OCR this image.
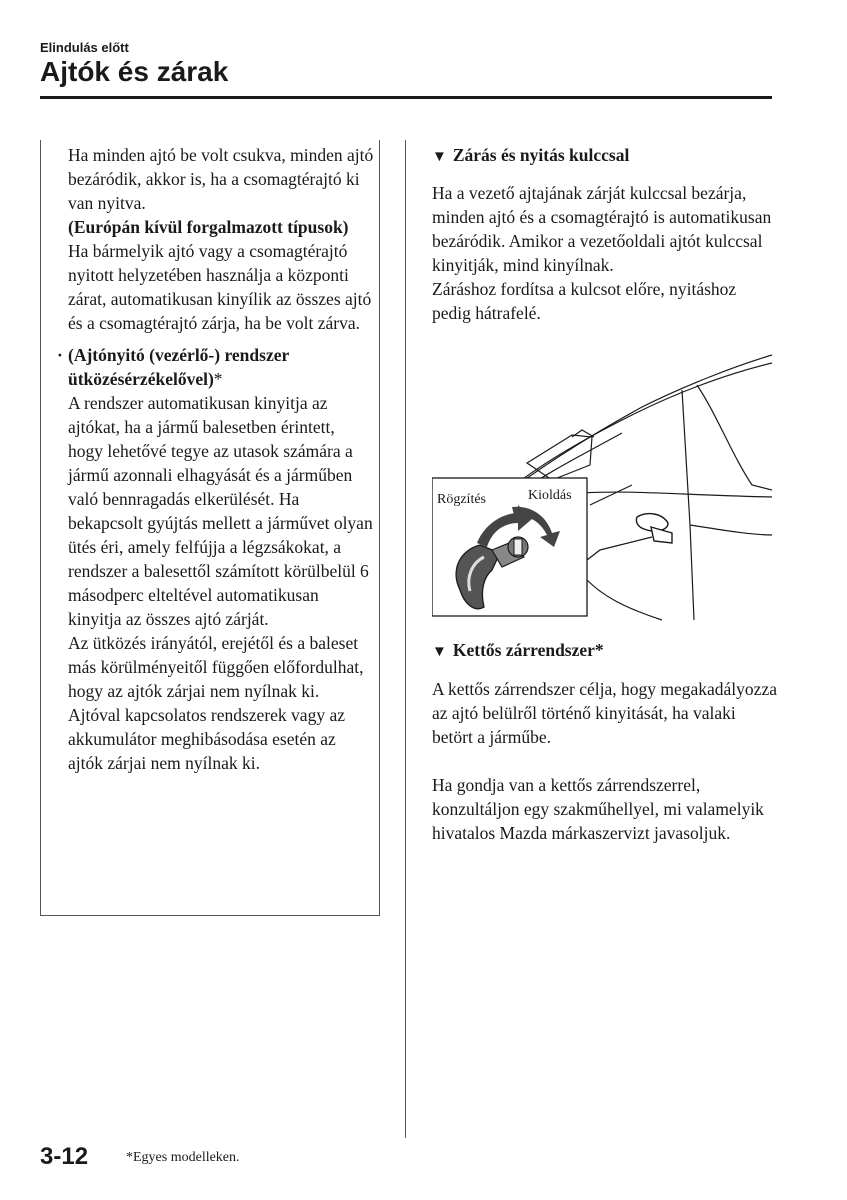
Elindulás előtt
Ajtók és zárak

Ha minden ajtó be volt csukva, minden ajtó bezáródik, akkor is, ha a csomagtérajtó ki van nyitva.

(Európán kívül forgalmazott típusok)

Ha bármelyik ajtó vagy a csomagtérajtó nyitott helyzetében használja a központi zárat, automatikusan kinyílik az összes ajtó és a csomagtérajtó zárja, ha be volt zárva.

· (Ajtónyitó (vezérlő-) rendszer ütközésérzékelővel)*

A rendszer automatikusan kinyitja az ajtókat, ha a jármű balesetben érintett, hogy lehetővé tegye az utasok számára a jármű azonnali elhagyását és a járműben való bennragadás elkerülését. Ha bekapcsolt gyújtás mellett a járművet olyan ütés éri, amely felfújja a légzsákokat, a rendszer a balesettől számított körülbelül 6 másodperc elteltével automatikusan kinyitja az összes ajtó zárját.

Az ütközés irányától, erejétől és a baleset más körülményeitől függően előfordulhat, hogy az ajtók zárjai nem nyílnak ki.

Ajtóval kapcsolatos rendszerek vagy az akkumulátor meghibásodása esetén az ajtók zárjai nem nyílnak ki.

▼ Zárás és nyitás kulccsal

Ha a vezető ajtajának zárját kulccsal bezárja, minden ajtó és a csomagtérajtó is automatikusan bezáródik. Amikor a vezetőoldali ajtót kulccsal kinyitják, mind kinyílnak.

Záráshoz fordítsa a kulcsot előre, nyitáshoz pedig hátrafelé.

Rögzítés	Kioldás

▼ Kettős zárrendszer*

A kettős zárrendszer célja, hogy megakadályozza az ajtó belülről történő kinyitását, ha valaki betört a járműbe.

Ha gondja van a kettős zárrendszerrel, konzultáljon egy szakműhellyel, mi valamelyik hivatalos Mazda márkaszervizt javasoljuk.

3-12	*Egyes modelleken.
